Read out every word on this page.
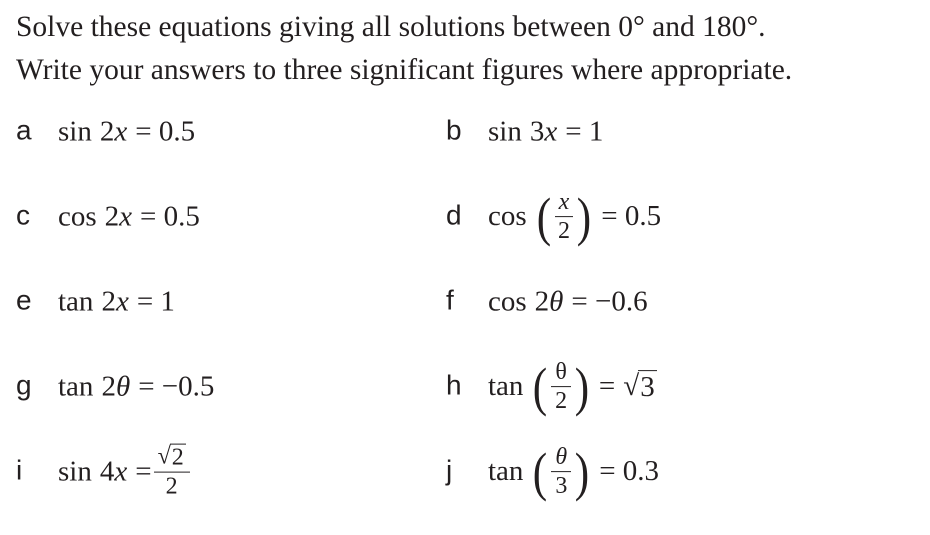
Solve these equations giving all solutions between 0° and 180°.
Write your answers to three significant figures where appropriate.
a sin 2 x = 0.5	b sin 3 x = 1
c cos 2 x = 0.5	d cos ( $\frac{x}{2}$ ) = 0.5
e tan 2 x = 1	f cos 2 θ = −0.6
g tan 2 θ = −0.5	h tan ( $\frac{\theta}{2}$ ) = √ 3
i sin 4 $x = \frac{√ 2}{2}$	j tan ( $\frac{\theta}{3}$ ) = 0.3
